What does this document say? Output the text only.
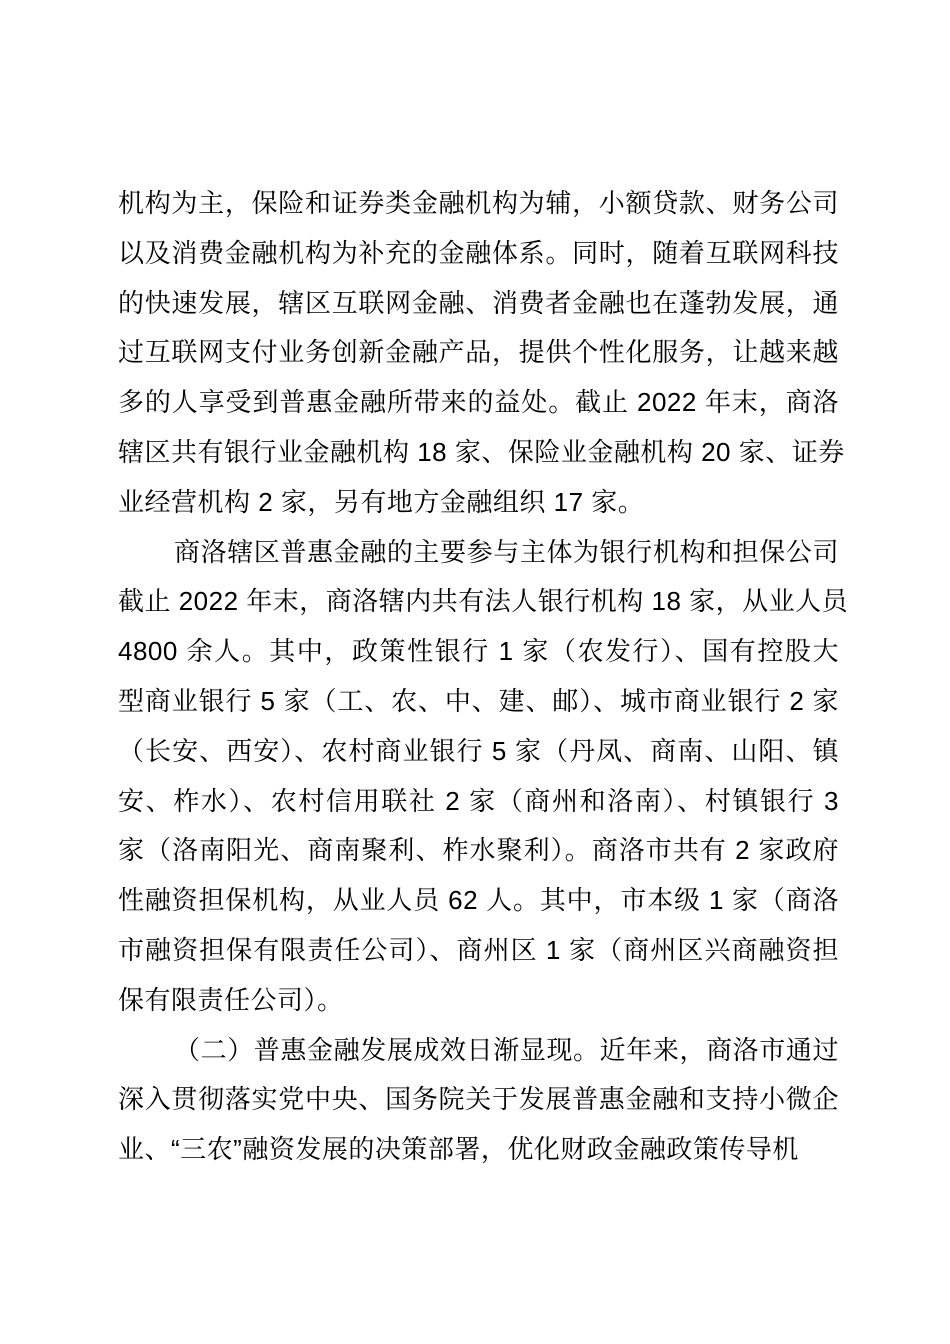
机构为主，保险和证券类金融机构为辅，小额贷款、财务公司
以及消费金融机构为补充的金融体系。同时，随着互联网科技
的快速发展，辖区互联网金融、消费者金融也在蓬勃发展，通
过互联网支付业务创新金融产品，提供个性化服务，让越来越
多的人享受到普惠金融所带来的益处。截止 2022 年末，商洛
辖区共有银行业金融机构 18 家、保险业金融机构 20 家、证券
业经营机构 2 家，另有地方金融组织 17 家。
商洛辖区普惠金融的主要参与主体为银行机构和担保公司
截止 2022 年末，商洛辖内共有法人银行机构 18 家，从业人员
4800 余人。其中，政策性银行 1 家（农发行）、国有控股大
型商业银行 5 家（工、农、中、建、邮）、城市商业银行 2 家
（长安、西安）、农村商业银行 5 家（丹凤、商南、山阳、镇
安、柞水）、农村信用联社 2 家（商州和洛南）、村镇银行 3
家（洛南阳光、商南聚利、柞水聚利）。商洛市共有 2 家政府
性融资担保机构，从业人员 62 人。其中，市本级 1 家（商洛
市融资担保有限责任公司）、商州区 1 家（商州区兴商融资担
保有限责任公司）。
（二）普惠金融发展成效日渐显现。近年来，商洛市通过
深入贯彻落实党中央、国务院关于发展普惠金融和支持小微企
业、“三农”融资发展的决策部署，优化财政金融政策传导机
